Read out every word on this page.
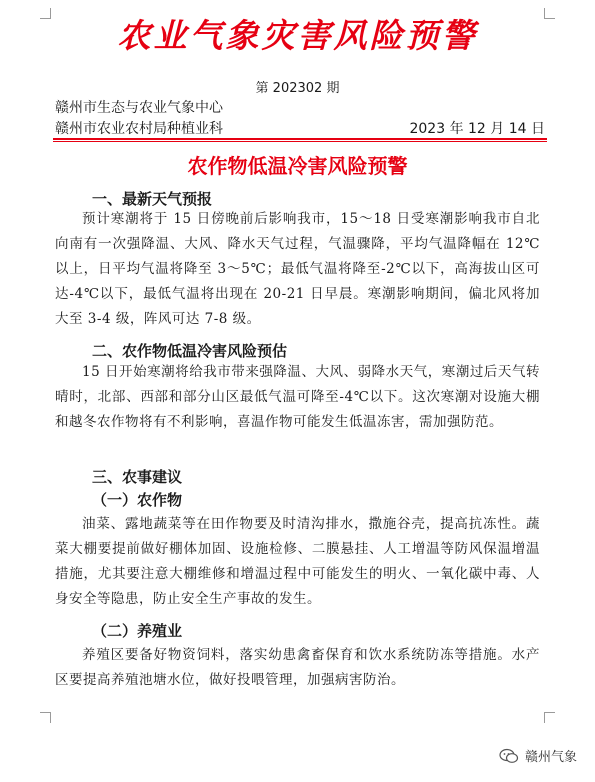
农业气象灾害风险预警
第 202302 期
赣州市生态与农业气象中心
赣州市农业农村局种植业科	2023 年 12 月 14 日
农作物低温冷害风险预警
一、最新天气预报

预计寒潮将于 15 日傍晚前后影响我市，15～18 日受寒潮影响我市自北向南有一次强降温、大风、降水天气过程，气温骤降，平均气温降幅在 12℃以上，日平均气温将降至 3～5℃；最低气温将降至-2℃以下，高海拔山区可达-4℃以下，最低气温将出现在 20-21 日早晨。寒潮影响期间，偏北风将加大至 3-4 级，阵风可达 7-8 级。

二、农作物低温冷害风险预估

15 日开始寒潮将给我市带来强降温、大风、弱降水天气，寒潮过后天气转晴时，北部、西部和部分山区最低气温可降至-4℃以下。这次寒潮对设施大棚和越冬农作物将有不利影响，喜温作物可能发生低温冻害，需加强防范。

三、农事建议
（一）农作物

油菜、露地蔬菜等在田作物要及时清沟排水，撒施谷壳，提高抗冻性。蔬菜大棚要提前做好棚体加固、设施检修、二膜悬挂、人工增温等防风保温增温措施，尤其要注意大棚维修和增温过程中可能发生的明火、一氧化碳中毒、人身安全等隐患，防止安全生产事故的发生。

（二）养殖业

养殖区要备好物资饲料，落实幼患禽畜保育和饮水系统防冻等措施。水产区要提高养殖池塘水位，做好投喂管理，加强病害防治。

赣州气象
